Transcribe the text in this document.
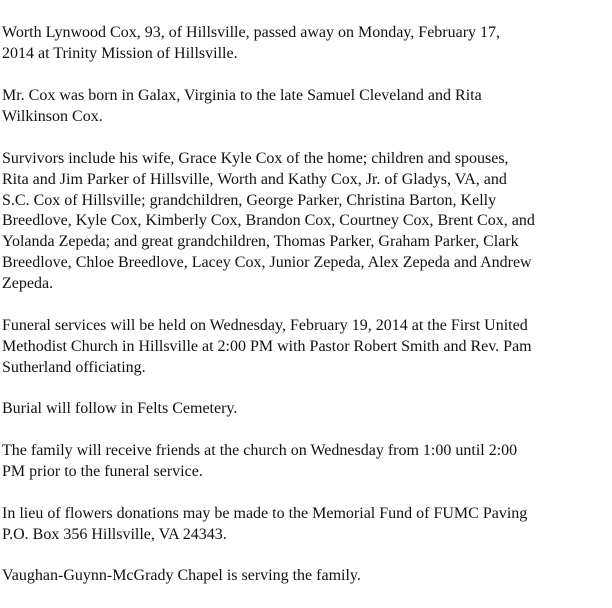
Worth Lynwood Cox, 93, of Hillsville, passed away on Monday, February 17,
2014 at Trinity Mission of Hillsville.

Mr. Cox was born in Galax, Virginia to the late Samuel Cleveland and Rita
Wilkinson Cox.

Survivors include his wife, Grace Kyle Cox of the home; children and spouses,
Rita and Jim Parker of Hillsville, Worth and Kathy Cox, Jr. of Gladys, VA, and
S.C. Cox of Hillsville; grandchildren, George Parker, Christina Barton, Kelly
Breedlove, Kyle Cox, Kimberly Cox, Brandon Cox, Courtney Cox, Brent Cox, and
Yolanda Zepeda; and great grandchildren, Thomas Parker, Graham Parker, Clark
Breedlove, Chloe Breedlove, Lacey Cox, Junior Zepeda, Alex Zepeda and Andrew
Zepeda.

Funeral services will be held on Wednesday, February 19, 2014 at the First United
Methodist Church in Hillsville at 2:00 PM with Pastor Robert Smith and Rev. Pam
Sutherland officiating.

Burial will follow in Felts Cemetery.

The family will receive friends at the church on Wednesday from 1:00 until 2:00
PM prior to the funeral service.

In lieu of flowers donations may be made to the Memorial Fund of FUMC Paving
P.O. Box 356 Hillsville, VA 24343.

Vaughan-Guynn-McGrady Chapel is serving the family.
